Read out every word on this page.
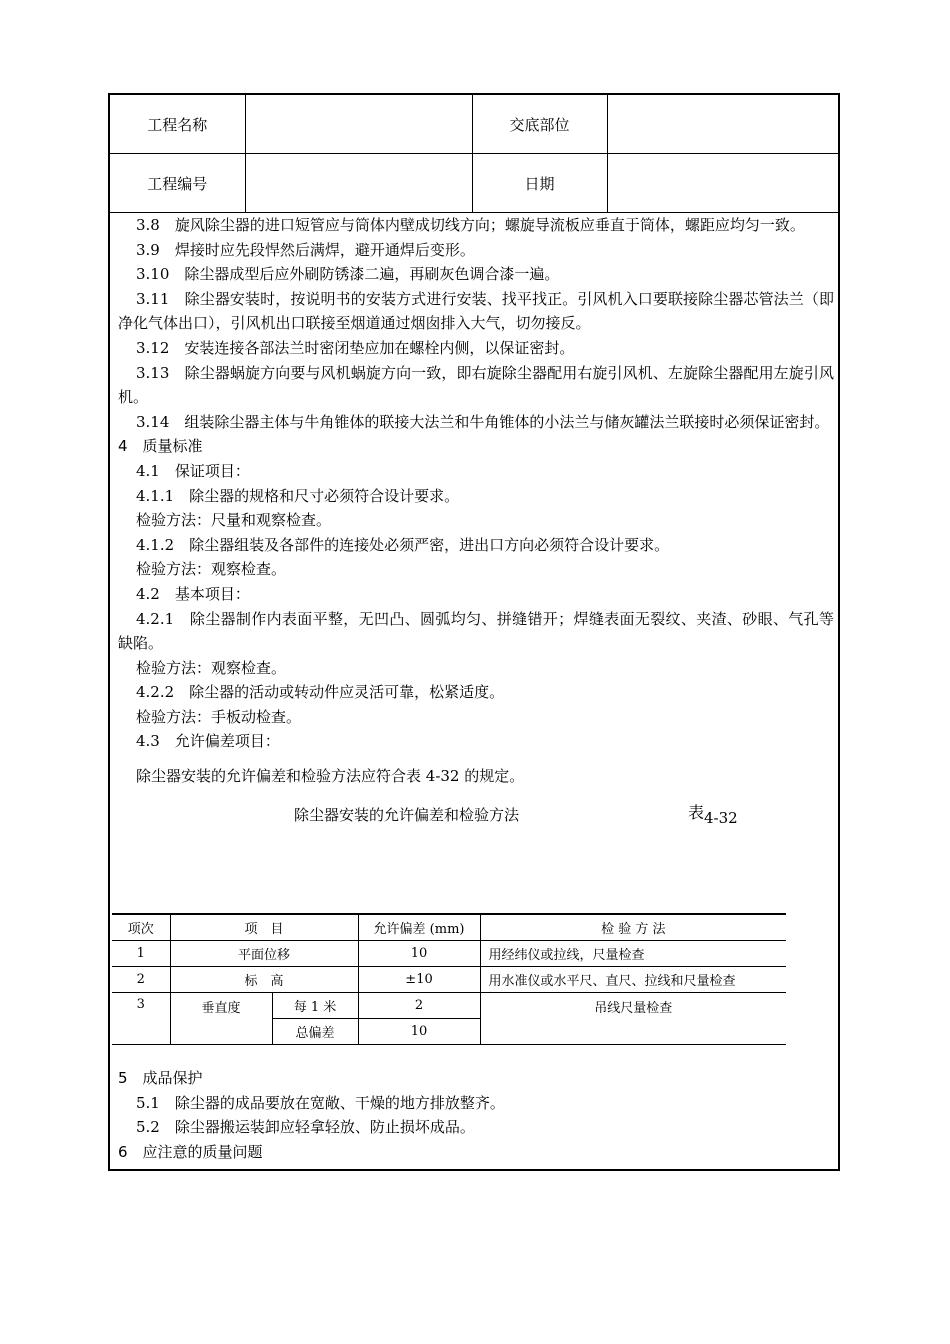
工程名称		交底部位	
工程编号		日期	

3.8　旋风除尘器的进口短管应与筒体内壁成切线方向；螺旋导流板应垂直于筒体，螺距应均匀一致。

3.9　焊接时应先段悍然后满焊，避开通焊后变形。

3.10　除尘器成型后应外刷防锈漆二遍，再刷灰色调合漆一遍。

3.11　除尘器安装时，按说明书的安装方式进行安装、找平找正。引风机入口要联接除尘器芯管法兰（即净化气体出口），引风机出口联接至烟道通过烟囱排入大气，切勿接反。

3.12　安装连接各部法兰时密闭垫应加在螺栓内侧，以保证密封。

3.13　除尘器蜗旋方向要与风机蜗旋方向一致，即右旋除尘器配用右旋引风机、左旋除尘器配用左旋引风机。

3.14　组装除尘器主体与牛角锥体的联接大法兰和牛角锥体的小法兰与储灰罐法兰联接时必须保证密封。

4　质量标准

4.1　保证项目：

4.1.1　除尘器的规格和尺寸必须符合设计要求。

检验方法：尺量和观察检查。

4.1.2　除尘器组装及各部件的连接处必须严密，进出口方向必须符合设计要求。

检验方法：观察检查。

4.2　基本项目：

4.2.1　除尘器制作内表面平整，无凹凸、圆弧均匀、拼缝错开；焊缝表面无裂纹、夹渣、砂眼、气孔等缺陷。

检验方法：观察检查。

4.2.2　除尘器的活动或转动件应灵活可靠，松紧适度。

检验方法：手板动检查。

4.3　允许偏差项目：

除尘器安装的允许偏差和检验方法应符合表 4-32 的规定。

除尘器安装的允许偏差和检验方法	表4-32
项次	项　目		允许偏差 (mm)	检 验 方 法
1	平面位移		10	用经纬仪或拉线，尺量检查
2	标　高		±10	用水准仪或水平尺、直尺、拉线和尺量检查
3	垂直度	每 1 米	2	吊线尺量检查
		总偏差	10	

5　成品保护

5.1　除尘器的成品要放在宽敞、干燥的地方排放整齐。

5.2　除尘器搬运装卸应轻拿轻放、防止损坏成品。

6　应注意的质量问题
